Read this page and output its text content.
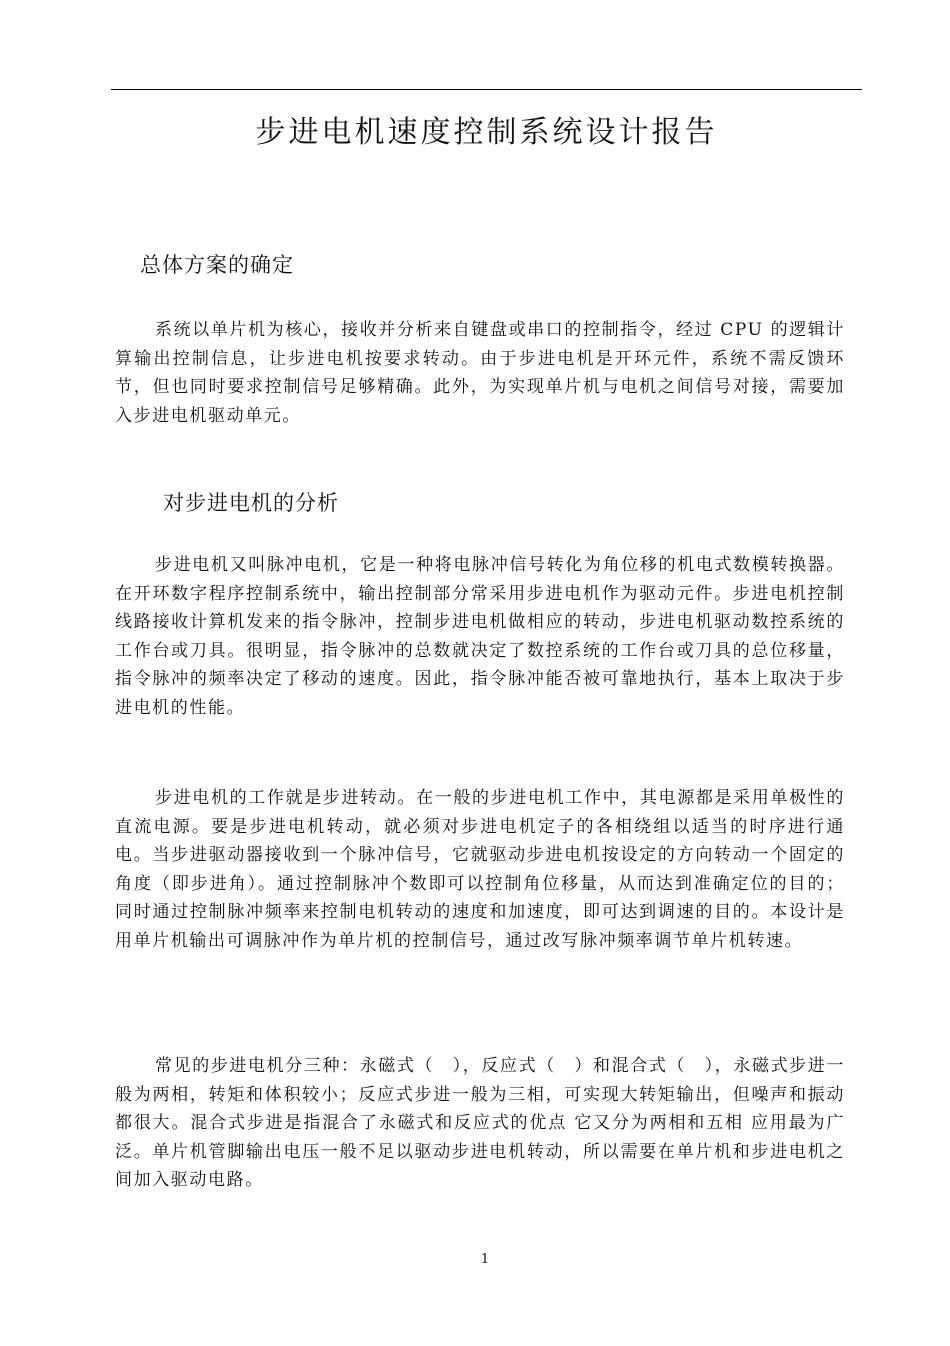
步进电机速度控制系统设计报告
总体方案的确定

系统以单片机为核心，接收并分析来自键盘或串口的控制指令，经过 CPU 的逻辑计算输出控制信息，让步进电机按要求转动。由于步进电机是开环元件，系统不需反馈环节，但也同时要求控制信号足够精确。此外，为实现单片机与电机之间信号对接，需要加入步进电机驱动单元。

对步进电机的分析

步进电机又叫脉冲电机，它是一种将电脉冲信号转化为角位移的机电式数模转换器。在开环数字程序控制系统中，输出控制部分常采用步进电机作为驱动元件。步进电机控制线路接收计算机发来的指令脉冲，控制步进电机做相应的转动，步进电机驱动数控系统的工作台或刀具。很明显，指令脉冲的总数就决定了数控系统的工作台或刀具的总位移量，指令脉冲的频率决定了移动的速度。因此，指令脉冲能否被可靠地执行，基本上取决于步进电机的性能。

步进电机的工作就是步进转动。在一般的步进电机工作中，其电源都是采用单极性的直流电源。要是步进电机转动，就必须对步进电机定子的各相绕组以适当的时序进行通电。当步进驱动器接收到一个脉冲信号，它就驱动步进电机按设定的方向转动一个固定的角度（即步进角）。通过控制脉冲个数即可以控制角位移量，从而达到准确定位的目的；同时通过控制脉冲频率来控制电机转动的速度和加速度，即可达到调速的目的。本设计是用单片机输出可调脉冲作为单片机的控制信号，通过改写脉冲频率调节单片机转速。

常见的步进电机分三种：永磁式（　），反应式（　）和混合式（　），永磁式步进一般为两相，转矩和体积较小；反应式步进一般为三相，可实现大转矩输出，但噪声和振动都很大。混合式步进是指混合了永磁式和反应式的优点 它又分为两相和五相 应用最为广泛。单片机管脚输出电压一般不足以驱动步进电机转动，所以需要在单片机和步进电机之间加入驱动电路。

1
